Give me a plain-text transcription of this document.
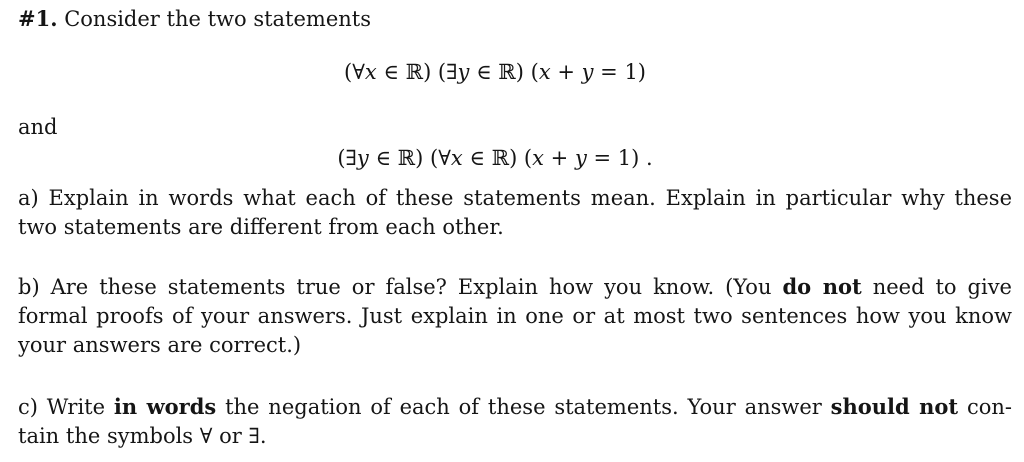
#1. Consider the two statements
(∀x ∈ ℝ) (∃y ∈ ℝ) (x + y = 1)
and
(∃y ∈ ℝ) (∀x ∈ ℝ) (x + y = 1) .
a) Explain in words what each of these statements mean. Explain in particular why these
two statements are different from each other.
b) Are these statements true or false? Explain how you know. (You do not need to give
formal proofs of your answers. Just explain in one or at most two sentences how you know
your answers are correct.)
c) Write in words the negation of each of these statements. Your answer should not con-
tain the symbols ∀ or ∃.
